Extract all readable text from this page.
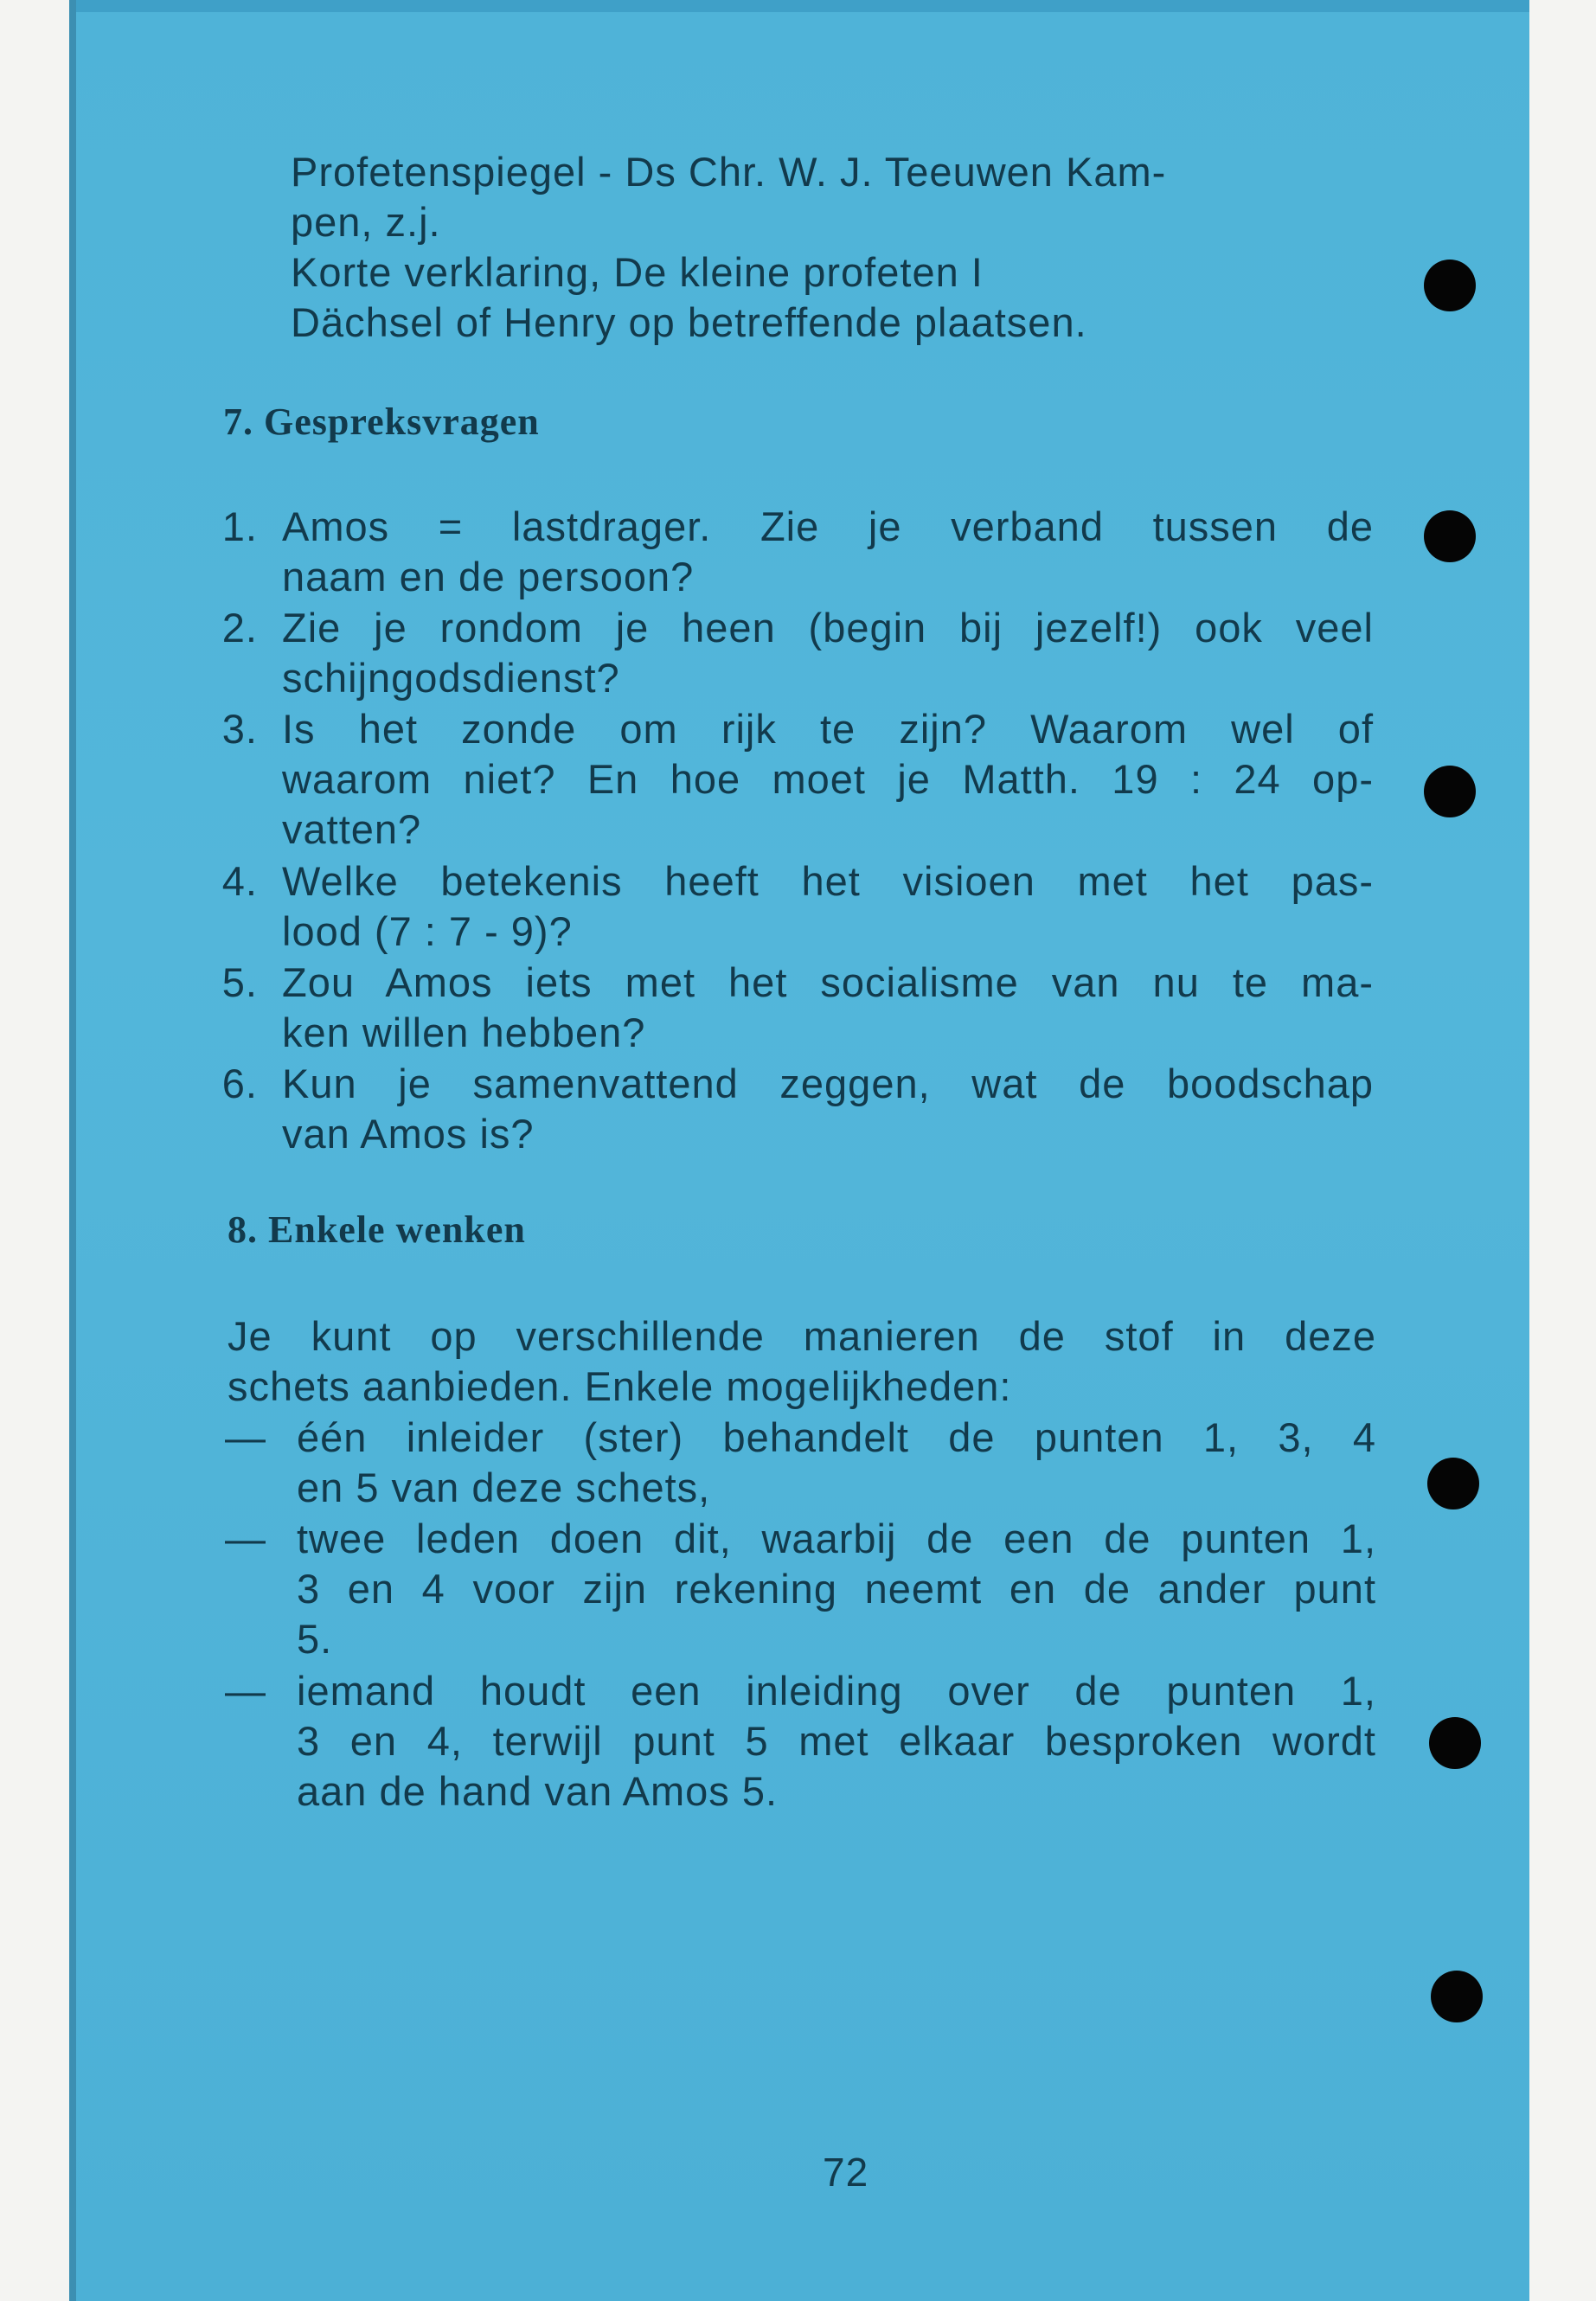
Profetenspiegel - Ds Chr. W. J. Teeuwen Kam-
pen, z.j.
Korte verklaring, De kleine profeten I
Dächsel of Henry op betreffende plaatsen.
7. Gespreksvragen
1. Amos = lastdrager. Zie je verband tussen de
naam en de persoon?
2. Zie je rondom je heen (begin bij jezelf!) ook veel
schijngodsdienst?
3. Is het zonde om rijk te zijn? Waarom wel of
waarom niet? En hoe moet je Matth. 19 : 24 op-
vatten?
4. Welke betekenis heeft het visioen met het pas-
lood (7 : 7 - 9)?
5. Zou Amos iets met het socialisme van nu te ma-
ken willen hebben?
6. Kun je samenvattend zeggen, wat de boodschap
van Amos is?
8. Enkele wenken
Je kunt op verschillende manieren de stof in deze
schets aanbieden. Enkele mogelijkheden:
— één inleider (ster) behandelt de punten 1, 3, 4
en 5 van deze schets,
— twee leden doen dit, waarbij de een de punten 1,
3 en 4 voor zijn rekening neemt en de ander punt
5.
— iemand houdt een inleiding over de punten 1,
3 en 4, terwijl punt 5 met elkaar besproken wordt
aan de hand van Amos 5.
72
